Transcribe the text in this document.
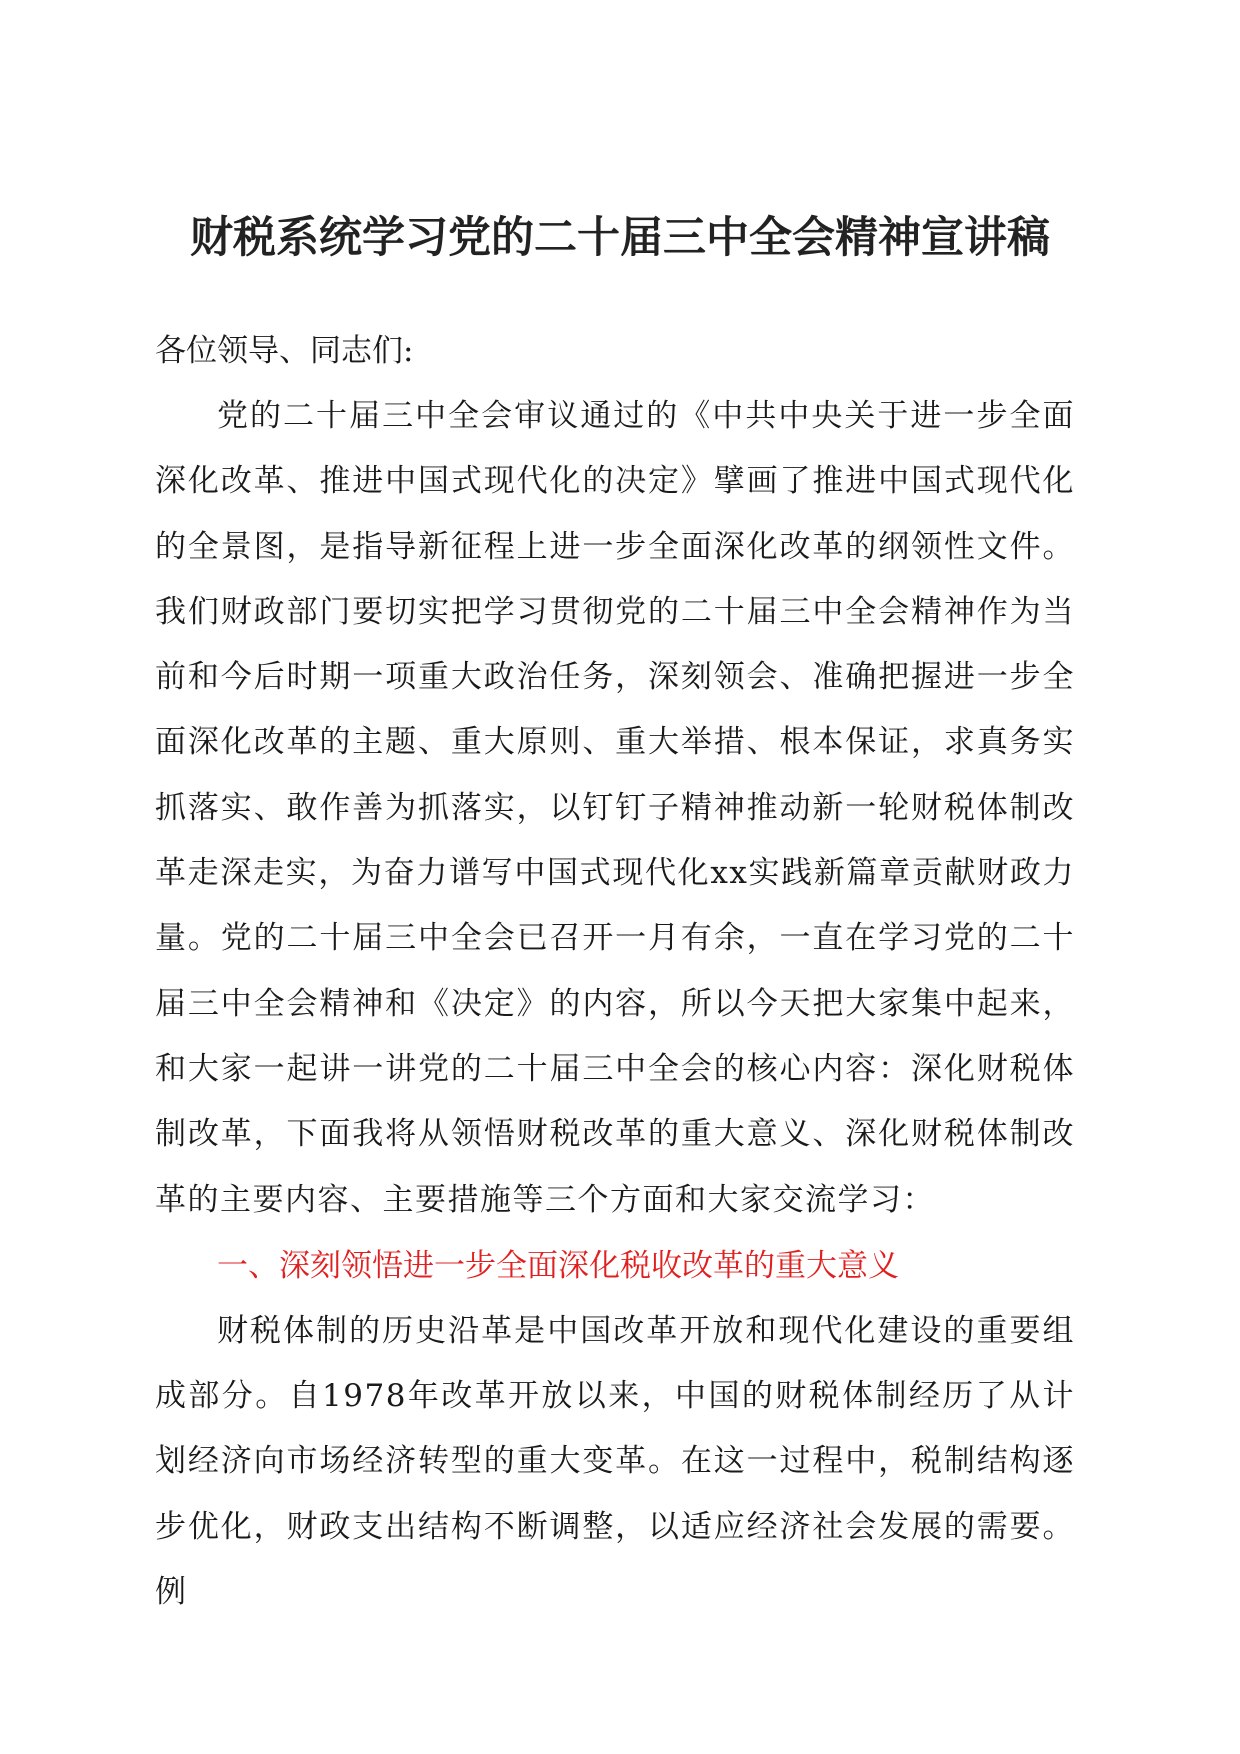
财税系统学习党的二十届三中全会精神宣讲稿
各位领导、同志们:

党的二十届三中全会审议通过的《中共中央关于进一步全面深化改革、推进中国式现代化的决定》擘画了推进中国式现代化的全景图，是指导新征程上进一步全面深化改革的纲领性文件。我们财政部门要切实把学习贯彻党的二十届三中全会精神作为当前和今后时期一项重大政治任务，深刻领会、准确把握进一步全面深化改革的主题、重大原则、重大举措、根本保证，求真务实抓落实、敢作善为抓落实，以钉钉子精神推动新一轮财税体制改革走深走实，为奋力谱写中国式现代化xx实践新篇章贡献财政力量。党的二十届三中全会已召开一月有余，一直在学习党的二十届三中全会精神和《决定》的内容，所以今天把大家集中起来，和大家一起讲一讲党的二十届三中全会的核心内容：深化财税体制改革，下面我将从领悟财税改革的重大意义、深化财税体制改革的主要内容、主要措施等三个方面和大家交流学习：

一、深刻领悟进一步全面深化税收改革的重大意义

财税体制的历史沿革是中国改革开放和现代化建设的重要组成部分。自1978年改革开放以来，中国的财税体制经历了从计划经济向市场经济转型的重大变革。在这一过程中，税制结构逐步优化，财政支出结构不断调整，以适应经济社会发展的需要。例
